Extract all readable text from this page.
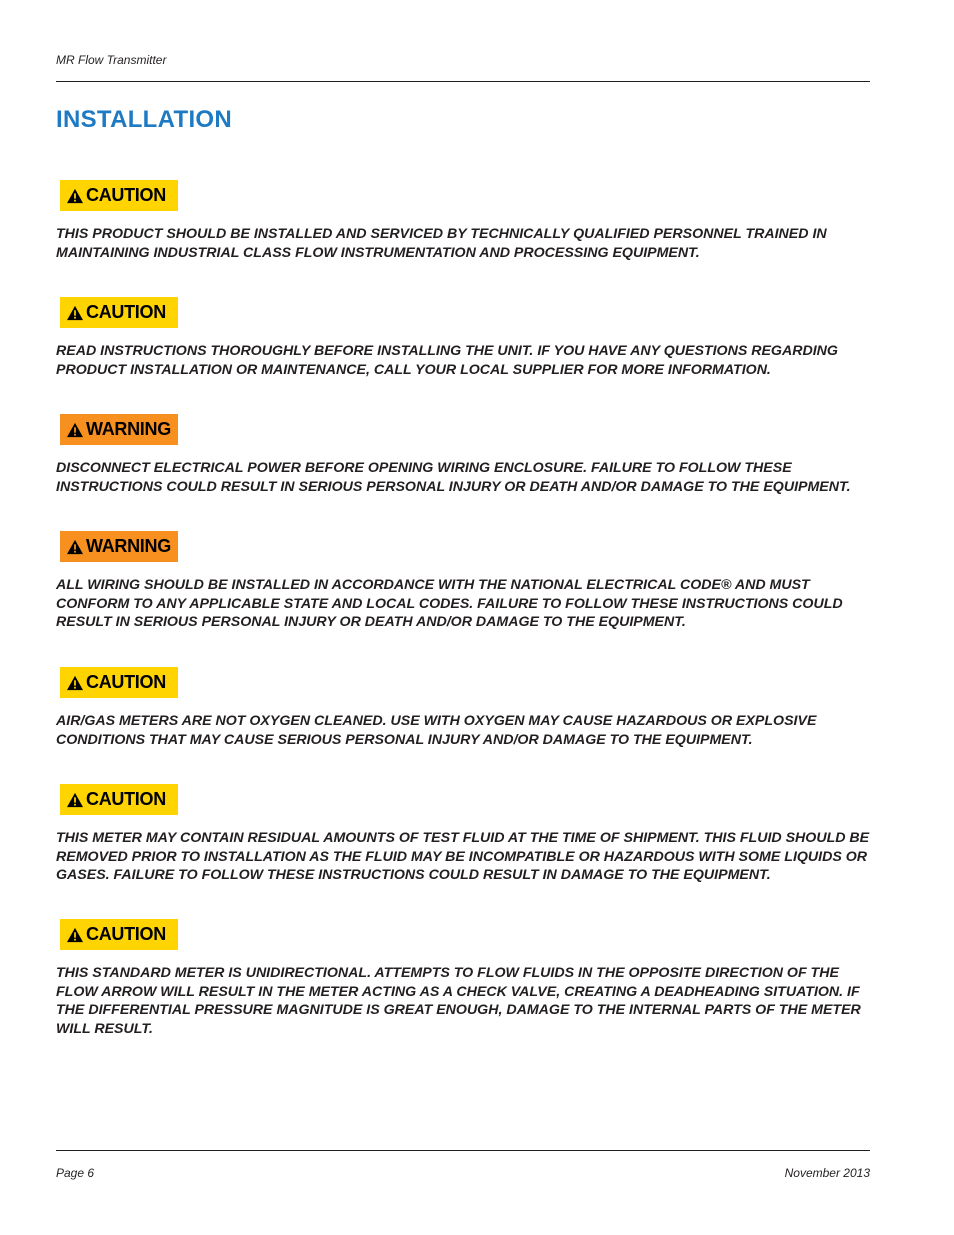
MR Flow Transmitter
INSTALLATION
CAUTION

THIS PRODUCT SHOULD BE INSTALLED AND SERVICED BY TECHNICALLY QUALIFIED PERSONNEL TRAINED IN MAINTAINING INDUSTRIAL CLASS FLOW INSTRUMENTATION AND PROCESSING EQUIPMENT.

CAUTION

READ INSTRUCTIONS THOROUGHLY BEFORE INSTALLING THE UNIT. IF YOU HAVE ANY QUESTIONS REGARDING PRODUCT INSTALLATION OR MAINTENANCE, CALL YOUR LOCAL SUPPLIER FOR MORE INFORMATION.

WARNING

DISCONNECT ELECTRICAL POWER BEFORE OPENING WIRING ENCLOSURE. FAILURE TO FOLLOW THESE INSTRUCTIONS COULD RESULT IN SERIOUS PERSONAL INJURY OR DEATH AND/OR DAMAGE TO THE EQUIPMENT.

WARNING

ALL WIRING SHOULD BE INSTALLED IN ACCORDANCE WITH THE NATIONAL ELECTRICAL CODE® AND MUST CONFORM TO ANY APPLICABLE STATE AND LOCAL CODES. FAILURE TO FOLLOW THESE INSTRUCTIONS COULD RESULT IN SERIOUS PERSONAL INJURY OR DEATH AND/OR DAMAGE TO THE EQUIPMENT.

CAUTION

AIR/GAS METERS ARE NOT OXYGEN CLEANED. USE WITH OXYGEN MAY CAUSE HAZARDOUS OR EXPLOSIVE CONDITIONS THAT MAY CAUSE SERIOUS PERSONAL INJURY AND/OR DAMAGE TO THE EQUIPMENT.

CAUTION

THIS METER MAY CONTAIN RESIDUAL AMOUNTS OF TEST FLUID AT THE TIME OF SHIPMENT. THIS FLUID SHOULD BE REMOVED PRIOR TO INSTALLATION AS THE FLUID MAY BE INCOMPATIBLE OR HAZARDOUS WITH SOME LIQUIDS OR GASES. FAILURE TO FOLLOW THESE INSTRUCTIONS COULD RESULT IN DAMAGE TO THE EQUIPMENT.

CAUTION

THIS STANDARD METER IS UNIDIRECTIONAL. ATTEMPTS TO FLOW FLUIDS IN THE OPPOSITE DIRECTION OF THE FLOW ARROW WILL RESULT IN THE METER ACTING AS A CHECK VALVE, CREATING A DEADHEADING SITUATION. IF THE DIFFERENTIAL PRESSURE MAGNITUDE IS GREAT ENOUGH, DAMAGE TO THE INTERNAL PARTS OF THE METER WILL RESULT.

Page 6	November 2013
